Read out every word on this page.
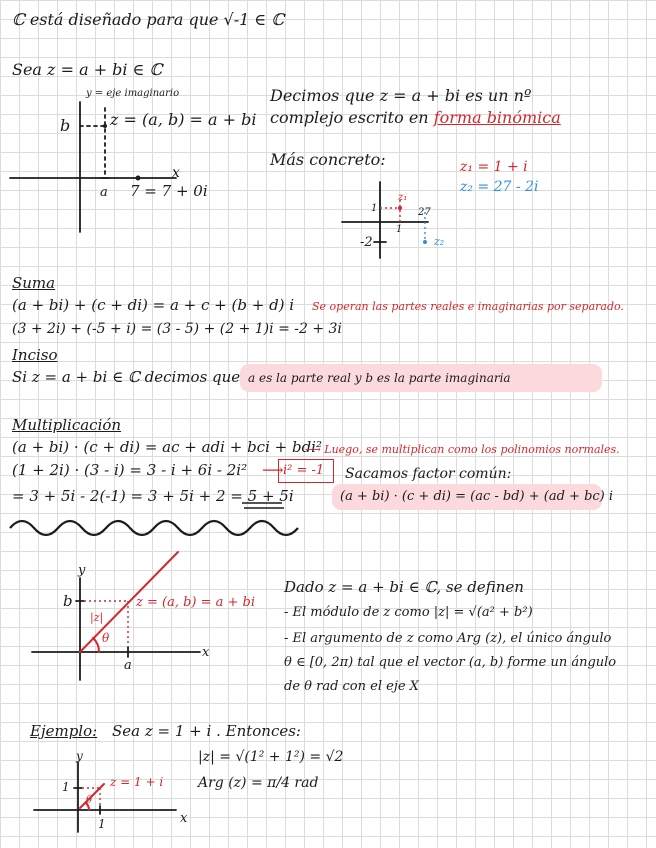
ℂ está diseñado para que √-1 ∈ ℂ
Sea z = a + bi ∈ ℂ
y = eje imaginario
b z = (a, b) = a + bi
a
x
7 = 7 + 0i
Decimos que z = a + bi es un nº
complejo escrito en forma binómica
Más concreto:	z₁ = 1 + i
z₂ = 27 - 2i
1
z₁
27
1
-2	z₂
Suma
(a + bi) + (c + di) = a + c + (b + d) i Se operan las partes reales e imaginarias por separado.
(3 + 2i) + (-5 + i) = (3 - 5) + (2 + 1)i = -2 + 3i
Inciso
Si z = a + bi ∈ ℂ decimos que a es la parte real y b es la parte imaginaria
Multiplicación
(a + bi) · (c + di) = ac + adi + bci + bdi²
⟶ Luego, se multiplican como los polinomios normales.
(1 + 2i) · (3 - i) = 3 - i + 6i - 2i² ⟶ i² = -1
= 3 + 5i - 2(-1) = 3 + 5i + 2 = 5 + 5i
Sacamos factor común:
(a + bi) · (c + di) = (ac - bd) + (ad + bc) i
y
b
a
x
z = (a, b) = a + bi
|z|
θ
Dado z = a + bi ∈ ℂ, se definen
- El módulo de z como |z| = √(a² + b²)
- El argumento de z como Arg (z), el único ángulo
θ ∈ [0, 2π) tal que el vector (a, b) forme un ángulo
de θ rad con el eje X
Ejemplo: Sea z = 1 + i . Entonces:
|z| = √(1² + 1²) = √2
Arg (z) = π/4 rad
y
1
1	x
z = 1 + i
θ
